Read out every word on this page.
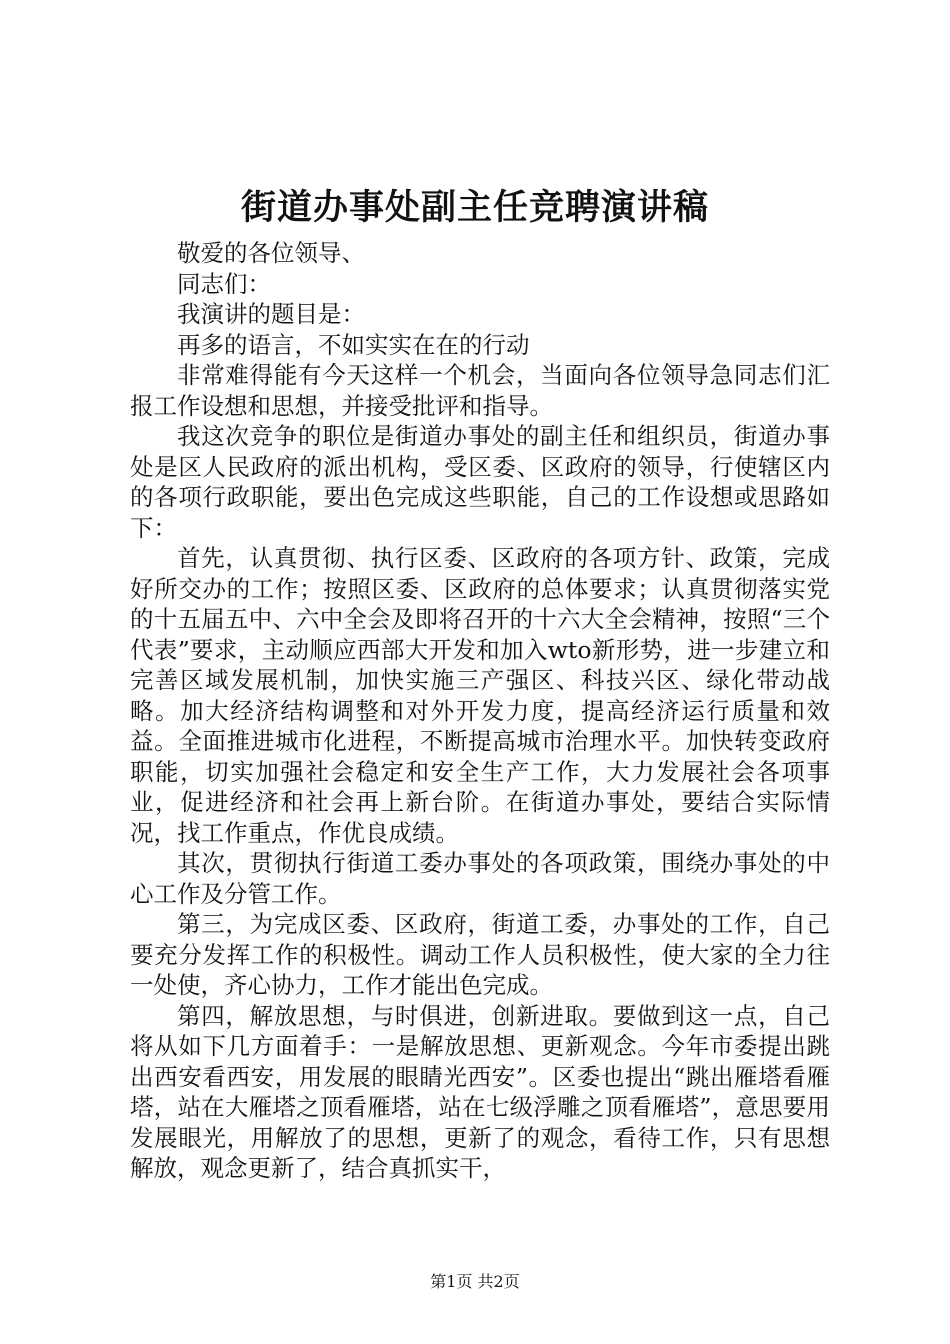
街道办事处副主任竞聘演讲稿

敬爱的各位领导、

同志们：

我演讲的题目是：

再多的语言，不如实实在在的行动

非常难得能有今天这样一个机会，当面向各位领导急同志们汇报工作设想和思想，并接受批评和指导。

我这次竞争的职位是街道办事处的副主任和组织员，街道办事处是区人民政府的派出机构，受区委、区政府的领导，行使辖区内的各项行政职能，要出色完成这些职能，自己的工作设想或思路如下：

首先，认真贯彻、执行区委、区政府的各项方针、政策，完成好所交办的工作；按照区委、区政府的总体要求；认真贯彻落实党的十五届五中、六中全会及即将召开的十六大全会精神，按照“三个代表”要求，主动顺应西部大开发和加入wto新形势，进一步建立和完善区域发展机制，加快实施三产强区、科技兴区、绿化带动战略。加大经济结构调整和对外开发力度，提高经济运行质量和效益。全面推进城市化进程，不断提高城市治理水平。加快转变政府职能，切实加强社会稳定和安全生产工作，大力发展社会各项事业，促进经济和社会再上新台阶。在街道办事处，要结合实际情况，找工作重点，作优良成绩。

其次，贯彻执行街道工委办事处的各项政策，围绕办事处的中心工作及分管工作。

第三，为完成区委、区政府，街道工委，办事处的工作，自己要充分发挥工作的积极性。调动工作人员积极性，使大家的全力往一处使，齐心协力，工作才能出色完成。

第四，解放思想，与时俱进，创新进取。要做到这一点，自己将从如下几方面着手：一是解放思想、更新观念。今年市委提出跳出西安看西安，用发展的眼睛光西安”。区委也提出“跳出雁塔看雁塔，站在大雁塔之顶看雁塔，站在七级浮雕之顶看雁塔”，意思要用发展眼光，用解放了的思想，更新了的观念，看待工作，只有思想解放，观念更新了，结合真抓实干，

第1页 共2页
